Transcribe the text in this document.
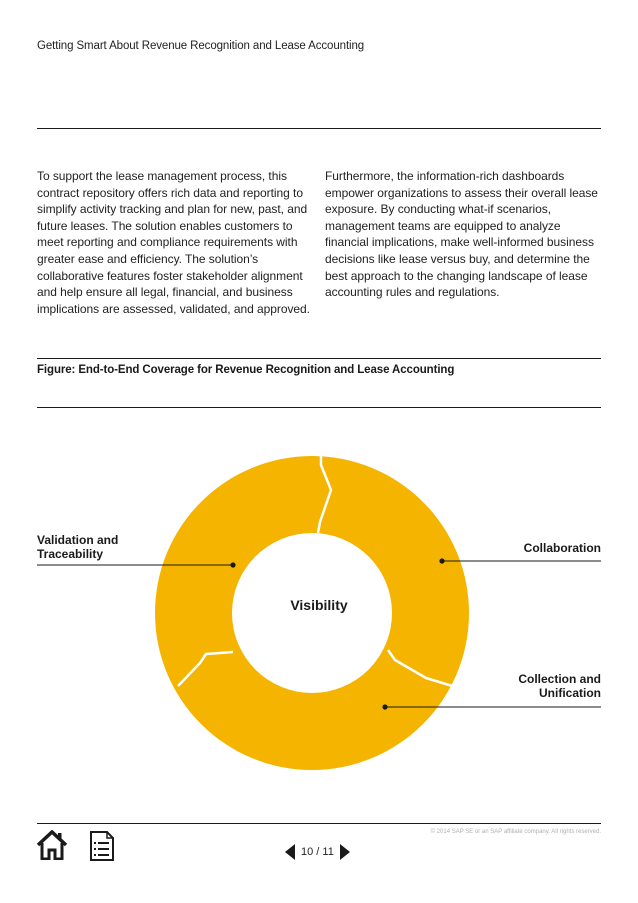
Getting Smart About Revenue Recognition and Lease Accounting

To support the lease management process, this contract repository offers rich data and reporting to simplify activity tracking and plan for new, past, and future leases. The solution enables customers to meet reporting and compliance requirements with greater ease and efficiency. The solution’s collaborative features foster stakeholder alignment and help ensure all legal, financial, and business implications are assessed, validated, and approved.

Furthermore, the information-rich dashboards empower organizations to assess their overall lease exposure. By conducting what-if scenarios, management teams are equipped to analyze financial implications, make well-informed business decisions like lease versus buy, and determine the best approach to the changing landscape of lease accounting rules and regulations.

Figure: End-to-End Coverage for Revenue Recognition and Lease Accounting
Validation and
Traceability	Collaboration
Collection and
Unification
Visibility
© 2014 SAP SE or an SAP affiliate company. All rights reserved.
10 / 11
